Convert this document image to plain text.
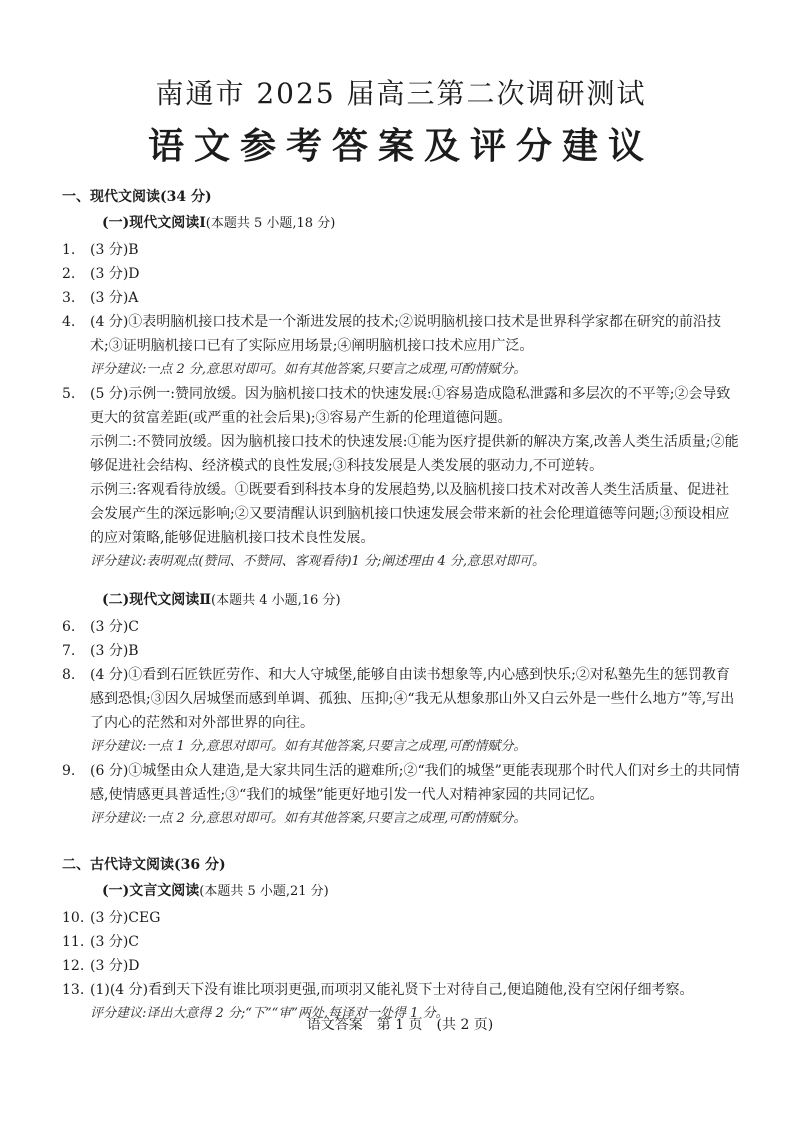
南通市 2025 届高三第二次调研测试
语文参考答案及评分建议
一、现代文阅读(34 分)
(一)现代文阅读Ⅰ(本题共 5 小题,18 分)
1.	(3 分)B
2.	(3 分)D
3.	(3 分)A
4.	(4 分)①表明脑机接口技术是一个渐进发展的技术;②说明脑机接口技术是世界科学家都在研究的前沿技术;③证明脑机接口已有了实际应用场景;④阐明脑机接口技术应用广泛。
评分建议:一点 2 分,意思对即可。如有其他答案,只要言之成理,可酌情赋分。
5.	(5 分)示例一:赞同放缓。因为脑机接口技术的快速发展:①容易造成隐私泄露和多层次的不平等;②会导致更大的贫富差距(或严重的社会后果);③容易产生新的伦理道德问题。
示例二:不赞同放缓。因为脑机接口技术的快速发展:①能为医疗提供新的解决方案,改善人类生活质量;②能够促进社会结构、经济模式的良性发展;③科技发展是人类发展的驱动力,不可逆转。
示例三:客观看待放缓。①既要看到科技本身的发展趋势,以及脑机接口技术对改善人类生活质量、促进社会发展产生的深远影响;②又要清醒认识到脑机接口快速发展会带来新的社会伦理道德等问题;③预设相应的应对策略,能够促进脑机接口技术良性发展。
评分建议:表明观点(赞同、不赞同、客观看待)1 分;阐述理由 4 分,意思对即可。
(二)现代文阅读Ⅱ(本题共 4 小题,16 分)
6.	(3 分)C
7.	(3 分)B
8.	(4 分)①看到石匠铁匠劳作、和大人守城堡,能够自由读书想象等,内心感到快乐;②对私塾先生的惩罚教育感到恐惧;③因久居城堡而感到单调、孤独、压抑;④“我无从想象那山外又白云外是一些什么地方”等,写出了内心的茫然和对外部世界的向往。
评分建议:一点 1 分,意思对即可。如有其他答案,只要言之成理,可酌情赋分。
9.	(6 分)①城堡由众人建造,是大家共同生活的避难所;②“我们的城堡”更能表现那个时代人们对乡土的共同情感,使情感更具普适性;③“我们的城堡”能更好地引发一代人对精神家园的共同记忆。
评分建议:一点 2 分,意思对即可。如有其他答案,只要言之成理,可酌情赋分。
二、古代诗文阅读(36 分)
(一)文言文阅读(本题共 5 小题,21 分)
10. (3 分)CEG
11. (3 分)C
12. (3 分)D
13. (1)(4 分)看到天下没有谁比项羽更强,而项羽又能礼贤下士对待自己,便追随他,没有空闲仔细考察。
评分建议:译出大意得 2 分;“下”“审”两处,每译对一处得 1 分。
语文答案　第 1 页　(共 2 页)
